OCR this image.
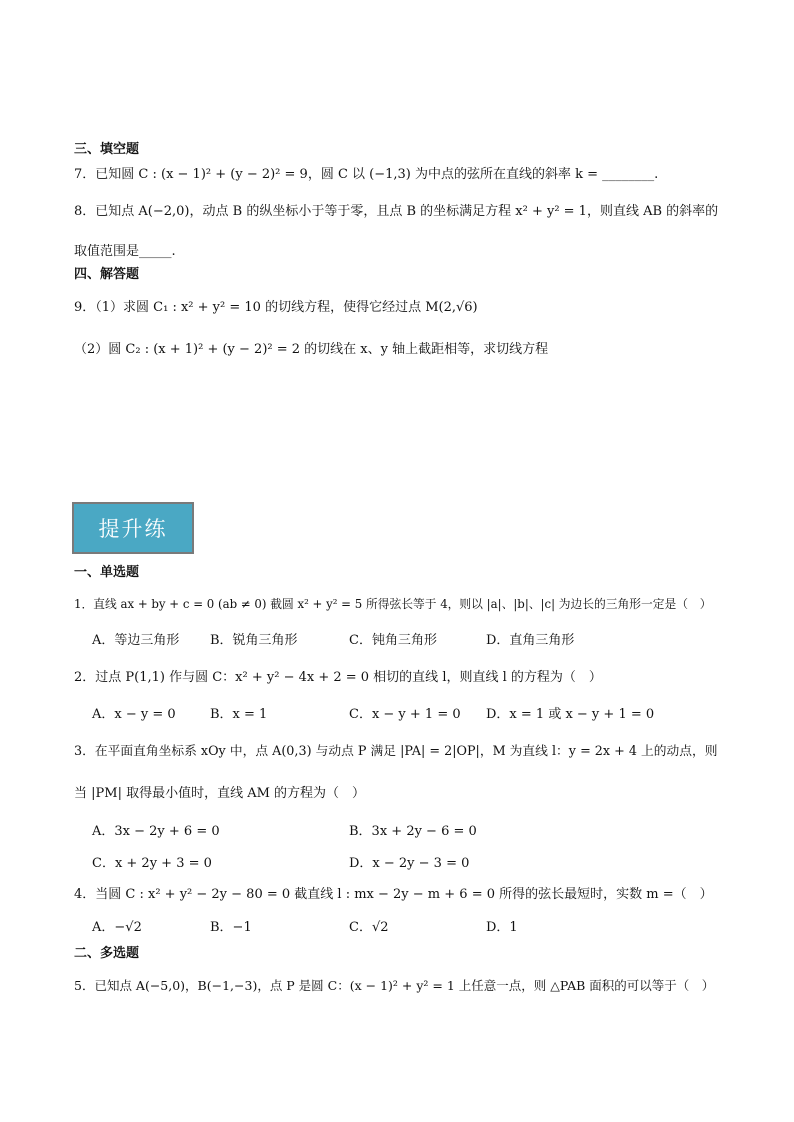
三、填空题
7．已知圆 C : (x − 1)² + (y − 2)² = 9，圆 C 以 (−1,3) 为中点的弦所在直线的斜率 k = ________.
8．已知点 A(−2,0)，动点 B 的纵坐标小于等于零，且点 B 的坐标满足方程 x² + y² = 1，则直线 AB 的斜率的
取值范围是_____.
四、解答题
9．（1）求圆 C₁ : x² + y² = 10 的切线方程，使得它经过点 M(2,√6)
（2）圆 C₂ : (x + 1)² + (y − 2)² = 2 的切线在 x、y 轴上截距相等，求切线方程
提升练
一、单选题
1．直线 ax + by + c = 0 (ab ≠ 0) 截圆 x² + y² = 5 所得弦长等于 4，则以 |a|、|b|、|c| 为边长的三角形一定是（　）
A．等边三角形 B．锐角三角形	C．钝角三角形	D．直角三角形
2．过点 P(1,1) 作与圆 C：x² + y² − 4x + 2 = 0 相切的直线 l，则直线 l 的方程为（　）
A．x − y = 0	B．x = 1	C．x − y + 1 = 0 D．x = 1 或 x − y + 1 = 0
3．在平面直角坐标系 xOy 中，点 A(0,3) 与动点 P 满足 |PA| = 2|OP|，M 为直线 l：y = 2x + 4 上的动点，则
当 |PM| 取得最小值时，直线 AM 的方程为（　）
A．3x − 2y + 6 = 0	B．3x + 2y − 6 = 0
C．x + 2y + 3 = 0	D．x − 2y − 3 = 0
4．当圆 C : x² + y² − 2y − 80 = 0 截直线 l : mx − 2y − m + 6 = 0 所得的弦长最短时，实数 m =（　）
A．−√2	B．−1	C．√2	D．1
二、多选题
5．已知点 A(−5,0)，B(−1,−3)，点 P 是圆 C：(x − 1)² + y² = 1 上任意一点，则 △PAB 面积的可以等于（　）
